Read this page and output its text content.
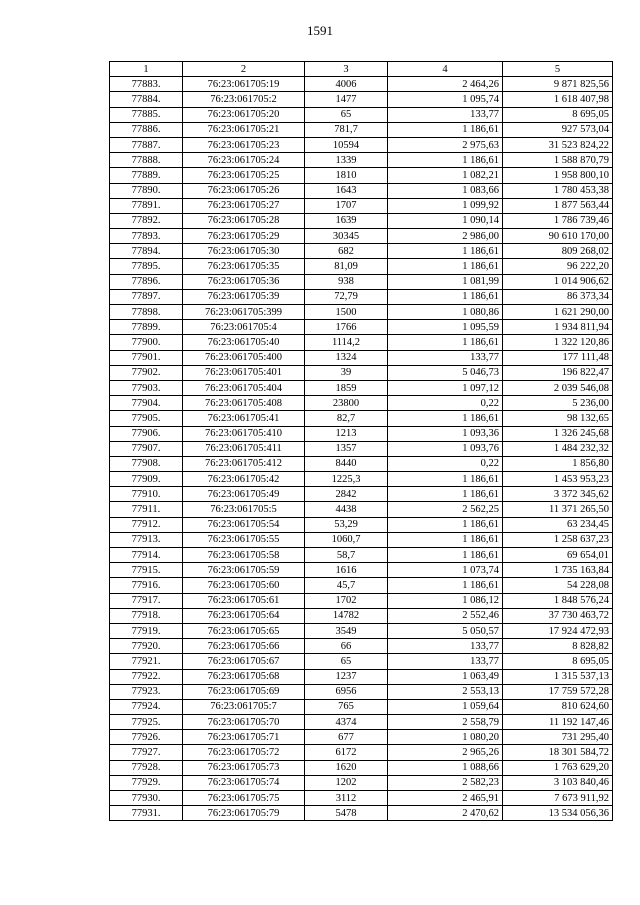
1591
1	2	3	4	5
77883.	76:23:061705:19	4006	2 464,26	9 871 825,56
77884.	76:23:061705:2	1477	1 095,74	1 618 407,98
77885.	76:23:061705:20	65	133,77	8 695,05
77886.	76:23:061705:21	781,7	1 186,61	927 573,04
77887.	76:23:061705:23	10594	2 975,63	31 523 824,22
77888.	76:23:061705:24	1339	1 186,61	1 588 870,79
77889.	76:23:061705:25	1810	1 082,21	1 958 800,10
77890.	76:23:061705:26	1643	1 083,66	1 780 453,38
77891.	76:23:061705:27	1707	1 099,92	1 877 563,44
77892.	76:23:061705:28	1639	1 090,14	1 786 739,46
77893.	76:23:061705:29	30345	2 986,00	90 610 170,00
77894.	76:23:061705:30	682	1 186,61	809 268,02
77895.	76:23:061705:35	81,09	1 186,61	96 222,20
77896.	76:23:061705:36	938	1 081,99	1 014 906,62
77897.	76:23:061705:39	72,79	1 186,61	86 373,34
77898.	76:23:061705:399	1500	1 080,86	1 621 290,00
77899.	76:23:061705:4	1766	1 095,59	1 934 811,94
77900.	76:23:061705:40	1114,2	1 186,61	1 322 120,86
77901.	76:23:061705:400	1324	133,77	177 111,48
77902.	76:23:061705:401	39	5 046,73	196 822,47
77903.	76:23:061705:404	1859	1 097,12	2 039 546,08
77904.	76:23:061705:408	23800	0,22	5 236,00
77905.	76:23:061705:41	82,7	1 186,61	98 132,65
77906.	76:23:061705:410	1213	1 093,36	1 326 245,68
77907.	76:23:061705:411	1357	1 093,76	1 484 232,32
77908.	76:23:061705:412	8440	0,22	1 856,80
77909.	76:23:061705:42	1225,3	1 186,61	1 453 953,23
77910.	76:23:061705:49	2842	1 186,61	3 372 345,62
77911.	76:23:061705:5	4438	2 562,25	11 371 265,50
77912.	76:23:061705:54	53,29	1 186,61	63 234,45
77913.	76:23:061705:55	1060,7	1 186,61	1 258 637,23
77914.	76:23:061705:58	58,7	1 186,61	69 654,01
77915.	76:23:061705:59	1616	1 073,74	1 735 163,84
77916.	76:23:061705:60	45,7	1 186,61	54 228,08
77917.	76:23:061705:61	1702	1 086,12	1 848 576,24
77918.	76:23:061705:64	14782	2 552,46	37 730 463,72
77919.	76:23:061705:65	3549	5 050,57	17 924 472,93
77920.	76:23:061705:66	66	133,77	8 828,82
77921.	76:23:061705:67	65	133,77	8 695,05
77922.	76:23:061705:68	1237	1 063,49	1 315 537,13
77923.	76:23:061705:69	6956	2 553,13	17 759 572,28
77924.	76:23:061705:7	765	1 059,64	810 624,60
77925.	76:23:061705:70	4374	2 558,79	11 192 147,46
77926.	76:23:061705:71	677	1 080,20	731 295,40
77927.	76:23:061705:72	6172	2 965,26	18 301 584,72
77928.	76:23:061705:73	1620	1 088,66	1 763 629,20
77929.	76:23:061705:74	1202	2 582,23	3 103 840,46
77930.	76:23:061705:75	3112	2 465,91	7 673 911,92
77931.	76:23:061705:79	5478	2 470,62	13 534 056,36
